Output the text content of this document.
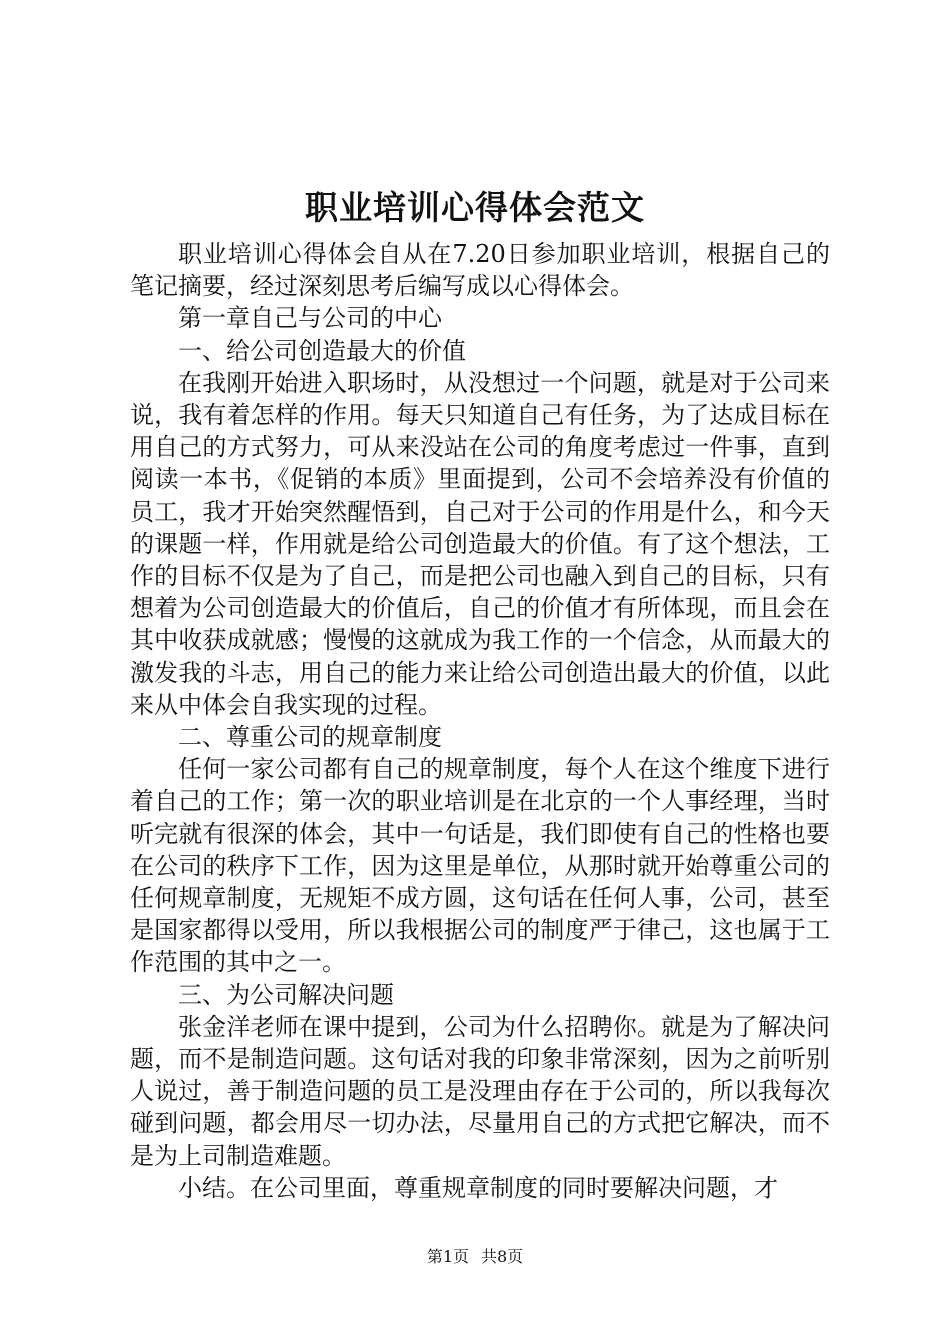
职业培训心得体会范文

职业培训心得体会自从在7.20日参加职业培训，根据自己的笔记摘要，经过深刻思考后编写成以心得体会。

第一章自己与公司的中心

一、给公司创造最大的价值

在我刚开始进入职场时，从没想过一个问题，就是对于公司来说，我有着怎样的作用。每天只知道自己有任务，为了达成目标在用自己的方式努力，可从来没站在公司的角度考虑过一件事，直到阅读一本书，《促销的本质》里面提到，公司不会培养没有价值的员工，我才开始突然醒悟到，自己对于公司的作用是什么，和今天的课题一样，作用就是给公司创造最大的价值。有了这个想法，工作的目标不仅是为了自己，而是把公司也融入到自己的目标，只有想着为公司创造最大的价值后，自己的价值才有所体现，而且会在其中收获成就感；慢慢的这就成为我工作的一个信念，从而最大的激发我的斗志，用自己的能力来让给公司创造出最大的价值，以此来从中体会自我实现的过程。

二、尊重公司的规章制度

任何一家公司都有自己的规章制度，每个人在这个维度下进行着自己的工作；第一次的职业培训是在北京的一个人事经理，当时听完就有很深的体会，其中一句话是，我们即使有自己的性格也要在公司的秩序下工作，因为这里是单位，从那时就开始尊重公司的任何规章制度，无规矩不成方圆，这句话在任何人事，公司，甚至是国家都得以受用，所以我根据公司的制度严于律己，这也属于工作范围的其中之一。

三、为公司解决问题

张金洋老师在课中提到，公司为什么招聘你。就是为了解决问题，而不是制造问题。这句话对我的印象非常深刻，因为之前听别人说过，善于制造问题的员工是没理由存在于公司的，所以我每次碰到问题，都会用尽一切办法，尽量用自己的方式把它解决，而不是为上司制造难题。

小结。在公司里面，尊重规章制度的同时要解决问题，才

第1页 共8页
